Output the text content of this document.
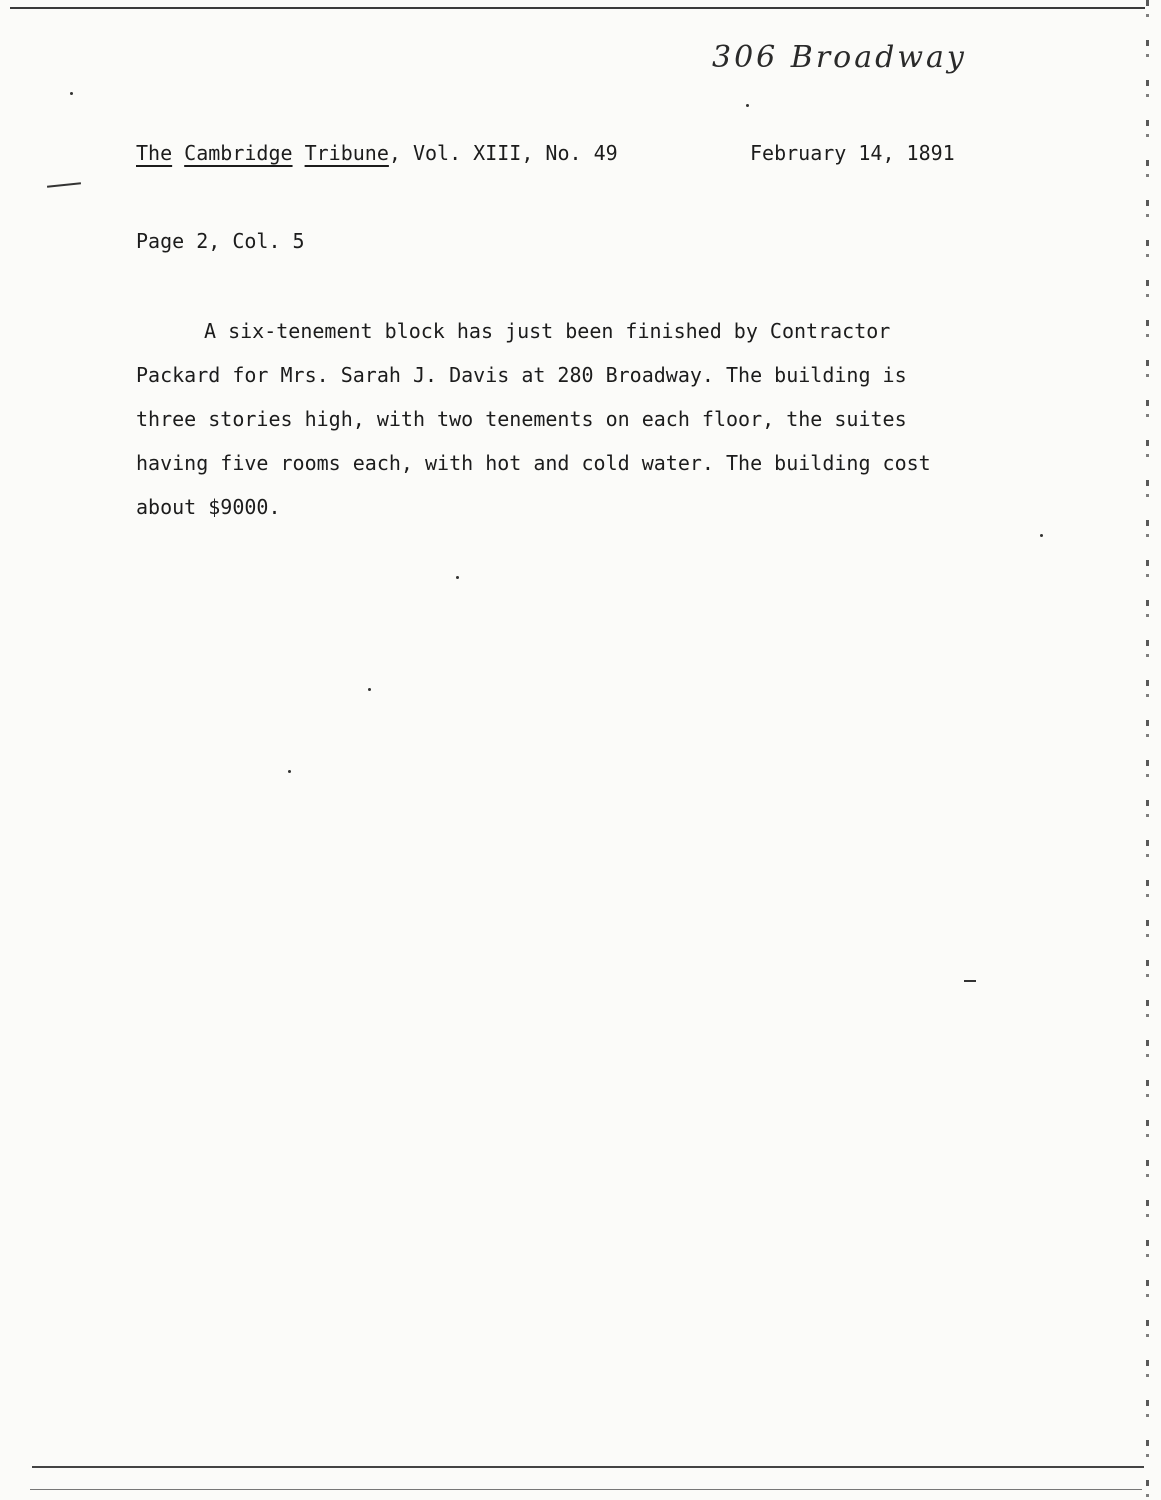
306 Broadway
The Cambridge Tribune, Vol. XIII, No. 49	February 14, 1891
Page 2, Col. 5
A six-tenement block has just been finished by Contractor
Packard for Mrs. Sarah J. Davis at 280 Broadway. The building is
three stories high, with two tenements on each floor, the suites
having five rooms each, with hot and cold water. The building cost
about $9000.
